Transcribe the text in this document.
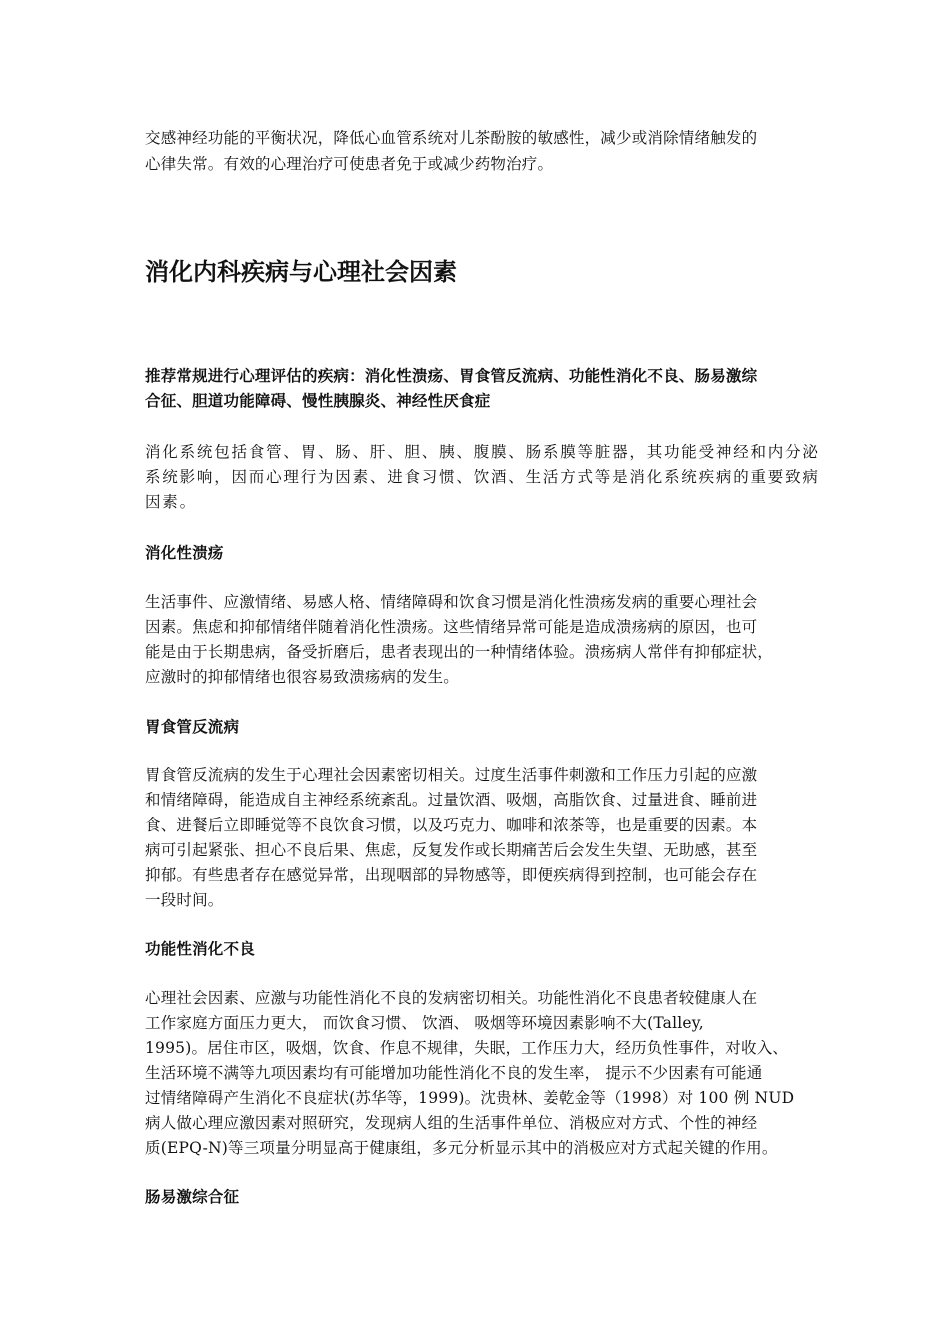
交感神经功能的平衡状况，降低心血管系统对儿茶酚胺的敏感性，减少或消除情绪触发的
心律失常。有效的心理治疗可使患者免于或减少药物治疗。
消化内科疾病与心理社会因素
推荐常规进行心理评估的疾病：消化性溃疡、胃食管反流病、功能性消化不良、肠易激综
合征、胆道功能障碍、慢性胰腺炎、神经性厌食症
消化系统包括食管、胃、肠、肝、胆、胰、腹膜、肠系膜等脏器，其功能受神经和内分泌
系统影响，因而心理行为因素、进食习惯、饮酒、生活方式等是消化系统疾病的重要致病
因素。
消化性溃疡
生活事件、应激情绪、易感人格、情绪障碍和饮食习惯是消化性溃疡发病的重要心理社会
因素。焦虑和抑郁情绪伴随着消化性溃疡。这些情绪异常可能是造成溃疡病的原因，也可
能是由于长期患病，备受折磨后，患者表现出的一种情绪体验。溃疡病人常伴有抑郁症状，
应激时的抑郁情绪也很容易致溃疡病的发生。
胃食管反流病
胃食管反流病的发生于心理社会因素密切相关。过度生活事件刺激和工作压力引起的应激
和情绪障碍，能造成自主神经系统紊乱。过量饮酒、吸烟，高脂饮食、过量进食、睡前进
食、进餐后立即睡觉等不良饮食习惯，以及巧克力、咖啡和浓茶等，也是重要的因素。本
病可引起紧张、担心不良后果、焦虑，反复发作或长期痛苦后会发生失望、无助感，甚至
抑郁。有些患者存在感觉异常，出现咽部的异物感等，即便疾病得到控制，也可能会存在
一段时间。
功能性消化不良
心理社会因素、应激与功能性消化不良的发病密切相关。功能性消化不良患者较健康人在
工作家庭方面压力更大， 而饮食习惯、 饮酒、 吸烟等环境因素影响不大(Talley,
1995)。居住市区，吸烟，饮食、作息不规律，失眠，工作压力大，经历负性事件，对收入、
生活环境不满等九项因素均有可能增加功能性消化不良的发生率， 提示不少因素有可能通
过情绪障碍产生消化不良症状(苏华等，1999)。沈贵林、姜乾金等（1998）对 100 例 NUD
病人做心理应激因素对照研究，发现病人组的生活事件单位、消极应对方式、个性的神经
质(EPQ-N)等三项量分明显高于健康组，多元分析显示其中的消极应对方式起关键的作用。
肠易激综合征
